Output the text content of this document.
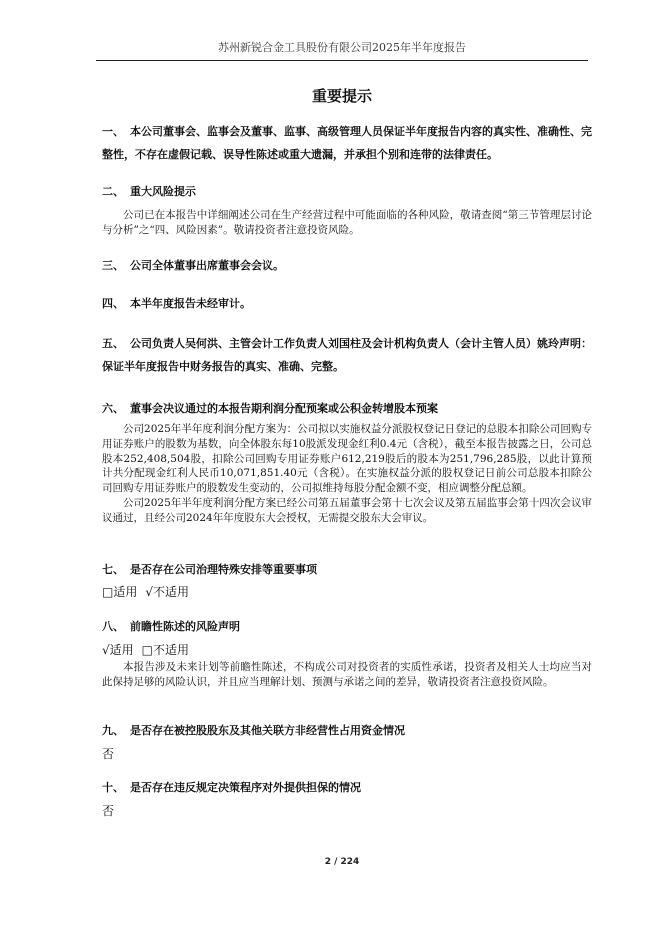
苏州新锐合金工具股份有限公司2025年半年度报告
重要提示
一、 本公司董事会、监事会及董事、监事、高级管理人员保证半年度报告内容的真实性、准确性、完整性，不存在虚假记载、误导性陈述或重大遗漏，并承担个别和连带的法律责任。
二、 重大风险提示
公司已在本报告中详细阐述公司在生产经营过程中可能面临的各种风险，敬请查阅“第三节管理层讨论与分析”之“四、风险因素”。敬请投资者注意投资风险。
三、 公司全体董事出席董事会会议。
四、 本半年度报告未经审计。
五、 公司负责人吴何洪、主管会计工作负责人刘国柱及会计机构负责人（会计主管人员）姚玲声明：保证半年度报告中财务报告的真实、准确、完整。
六、 董事会决议通过的本报告期利润分配预案或公积金转增股本预案
公司2025年半年度利润分配方案为：公司拟以实施权益分派股权登记日登记的总股本扣除公司回购专用证券账户的股数为基数，向全体股东每10股派发现金红利0.4元（含税），截至本报告披露之日，公司总股本252,408,504股，扣除公司回购专用证券账户612,219股后的股本为251,796,285股，以此计算预计共分配现金红利人民币10,071,851.40元（含税）。在实施权益分派的股权登记日前公司总股本扣除公司回购专用证券账户的股数发生变动的，公司拟维持每股分配金额不变，相应调整分配总额。
公司2025年半年度利润分配方案已经公司第五届董事会第十七次会议及第五届监事会第十四次会议审议通过，且经公司2024年年度股东大会授权，无需提交股东大会审议。
七、 是否存在公司治理特殊安排等重要事项
□适用 √不适用
八、 前瞻性陈述的风险声明
√适用 □不适用
本报告涉及未来计划等前瞻性陈述，不构成公司对投资者的实质性承诺，投资者及相关人士均应当对此保持足够的风险认识，并且应当理解计划、预测与承诺之间的差异，敬请投资者注意投资风险。
九、 是否存在被控股股东及其他关联方非经营性占用资金情况
否
十、 是否存在违反规定决策程序对外提供担保的情况
否
2 / 224
